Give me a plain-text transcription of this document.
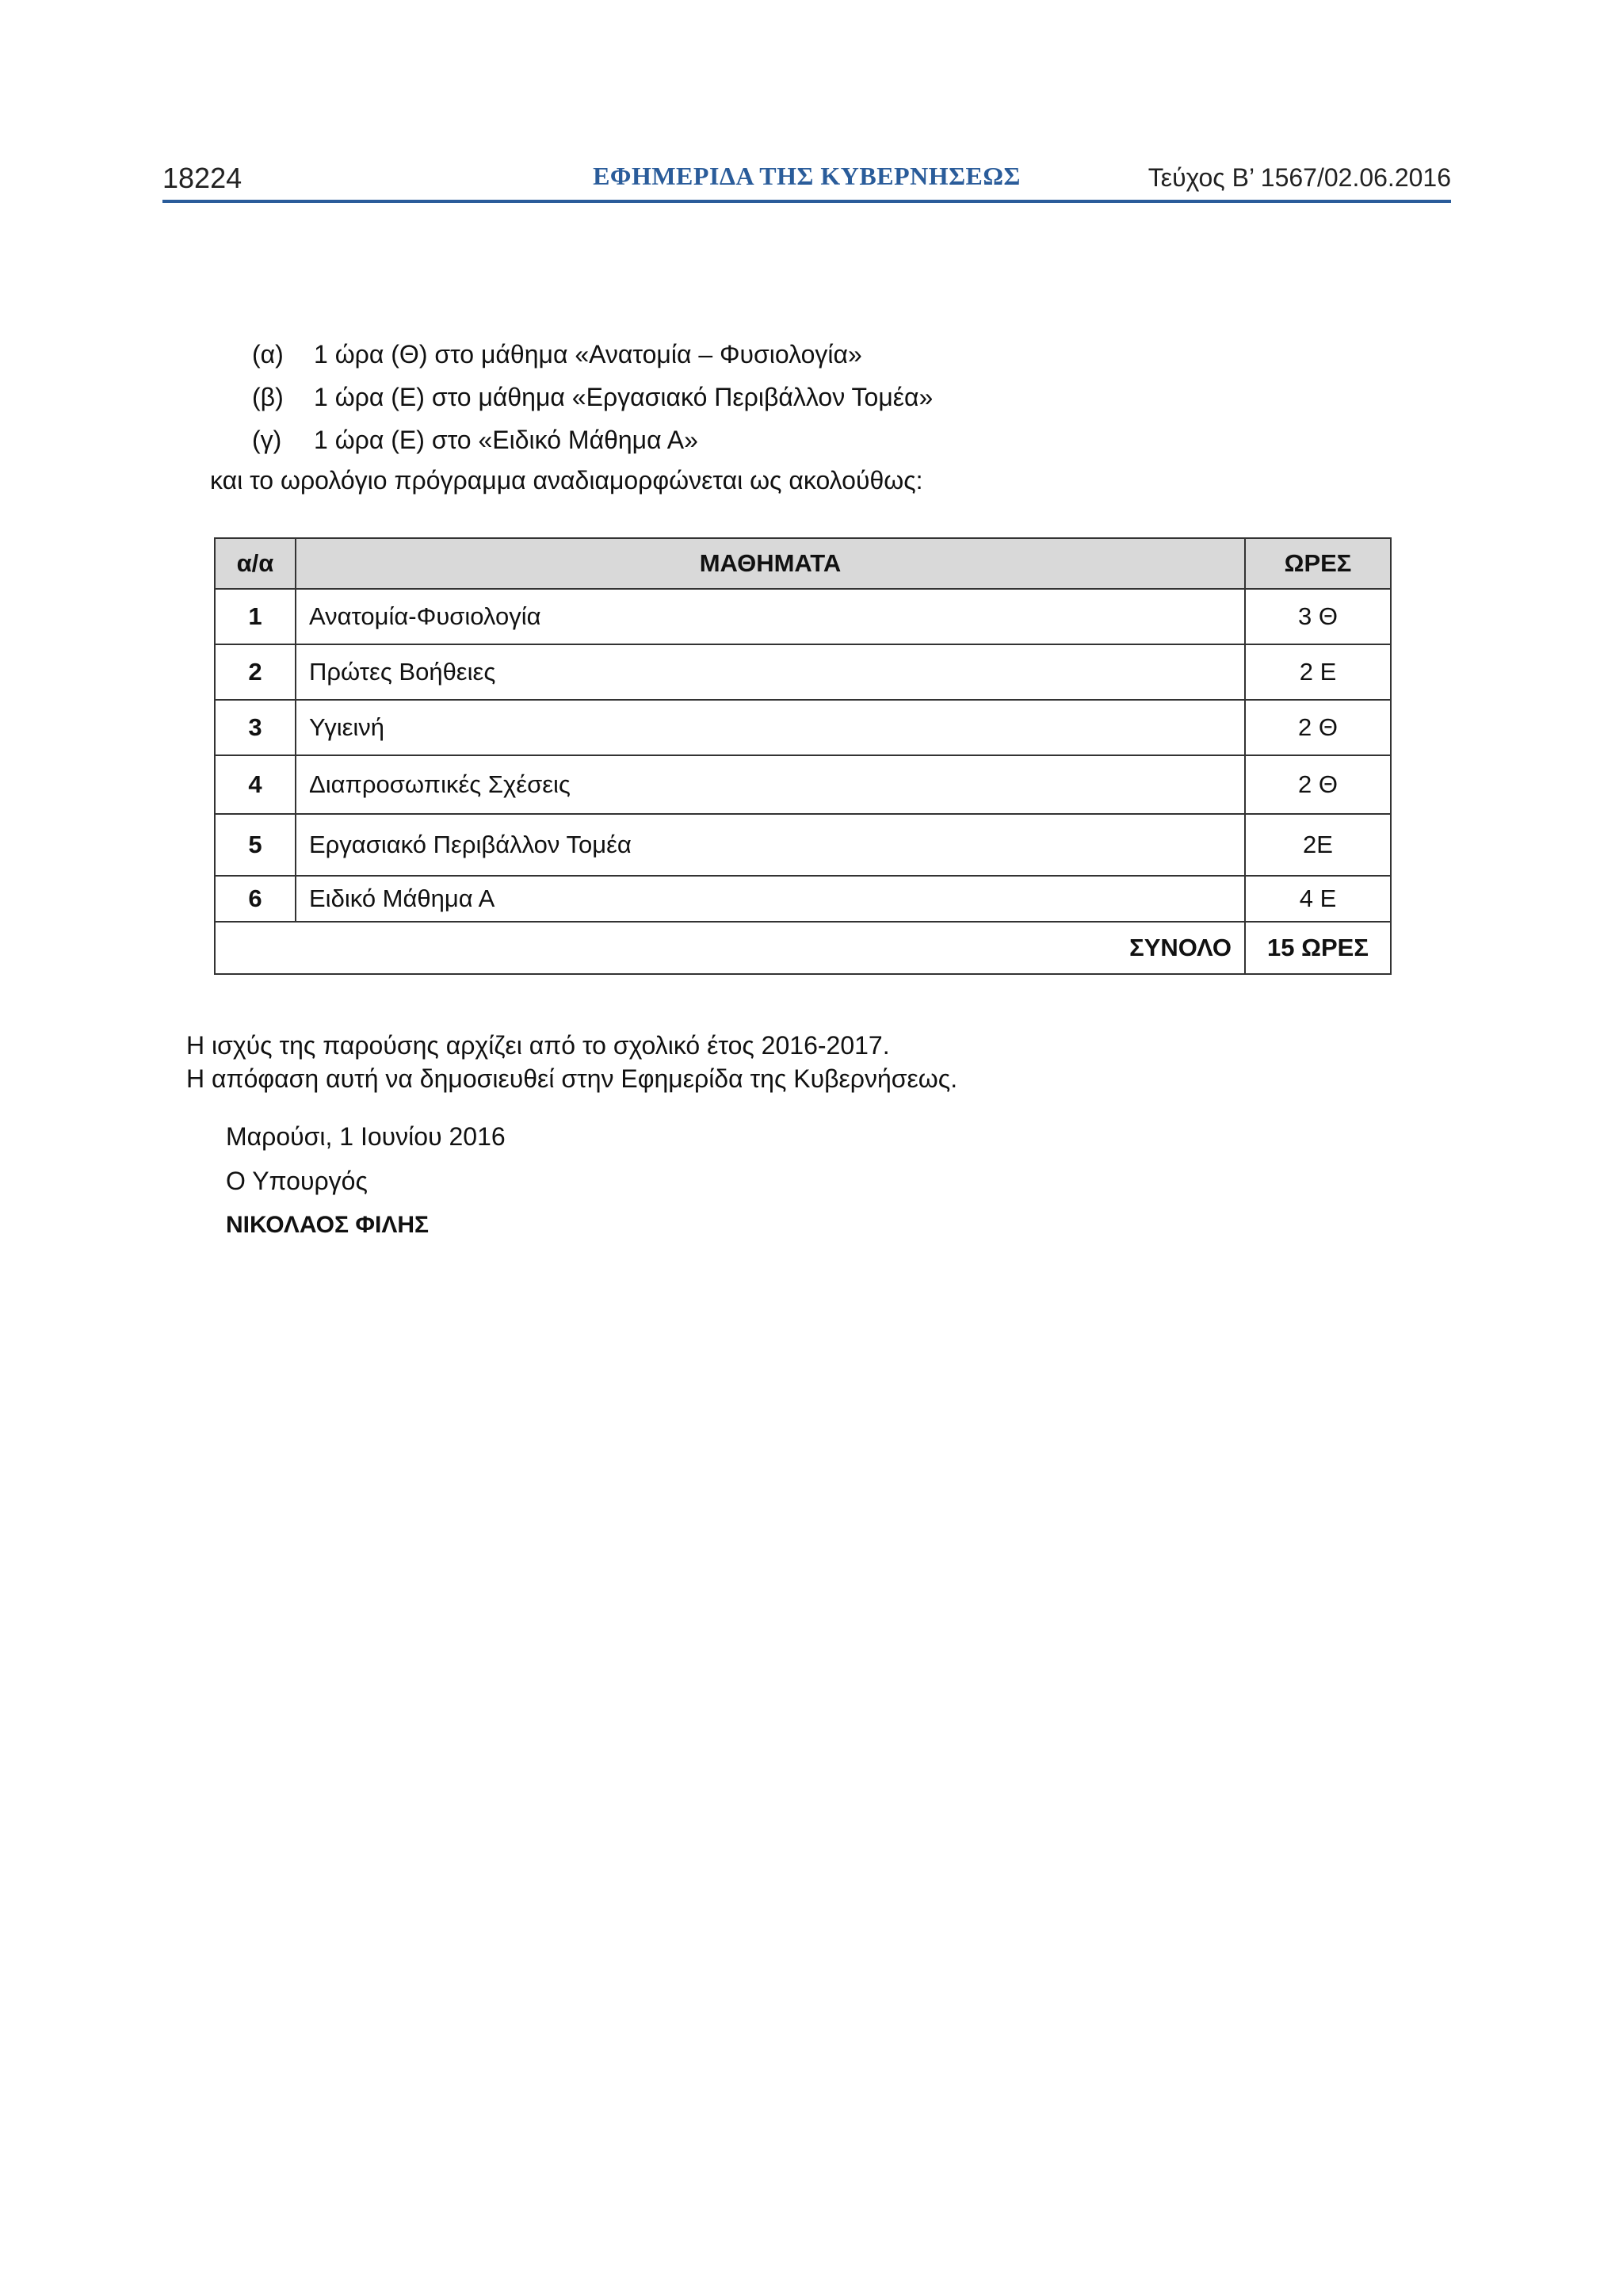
18224	ΕΦΗΜΕΡΙΔΑ ΤΗΣ ΚΥΒΕΡΝΗΣΕΩΣ	Τεύχος Β’ 1567/02.06.2016
(α) 1 ώρα (Θ) στο μάθημα «Ανατομία – Φυσιολογία»
(β) 1 ώρα (Ε) στο μάθημα «Εργασιακό Περιβάλλον Τομέα»
(γ) 1 ώρα (Ε) στο «Ειδικό Μάθημα Α»
και το ωρολόγιο πρόγραμμα αναδιαμορφώνεται ως ακολούθως:
α/α	ΜΑΘΗΜΑΤΑ	ΩΡΕΣ
1	Ανατομία-Φυσιολογία	3 Θ
2	Πρώτες Βοήθειες	2 Ε
3	Υγιεινή	2 Θ
4	Διαπροσωπικές Σχέσεις	2 Θ
5	Εργασιακό Περιβάλλον Τομέα	2Ε
6	Ειδικό Μάθημα Α	4 Ε
ΣΥΝΟΛΟ		15 ΩΡΕΣ
Η ισχύς της παρούσης αρχίζει από το σχολικό έτος 2016-2017.
Η απόφαση αυτή να δημοσιευθεί στην Εφημερίδα της Κυβερνήσεως.
Μαρούσι, 1 Ιουνίου 2016
Ο Υπουργός
ΝΙΚΟΛΑΟΣ ΦΙΛΗΣ
